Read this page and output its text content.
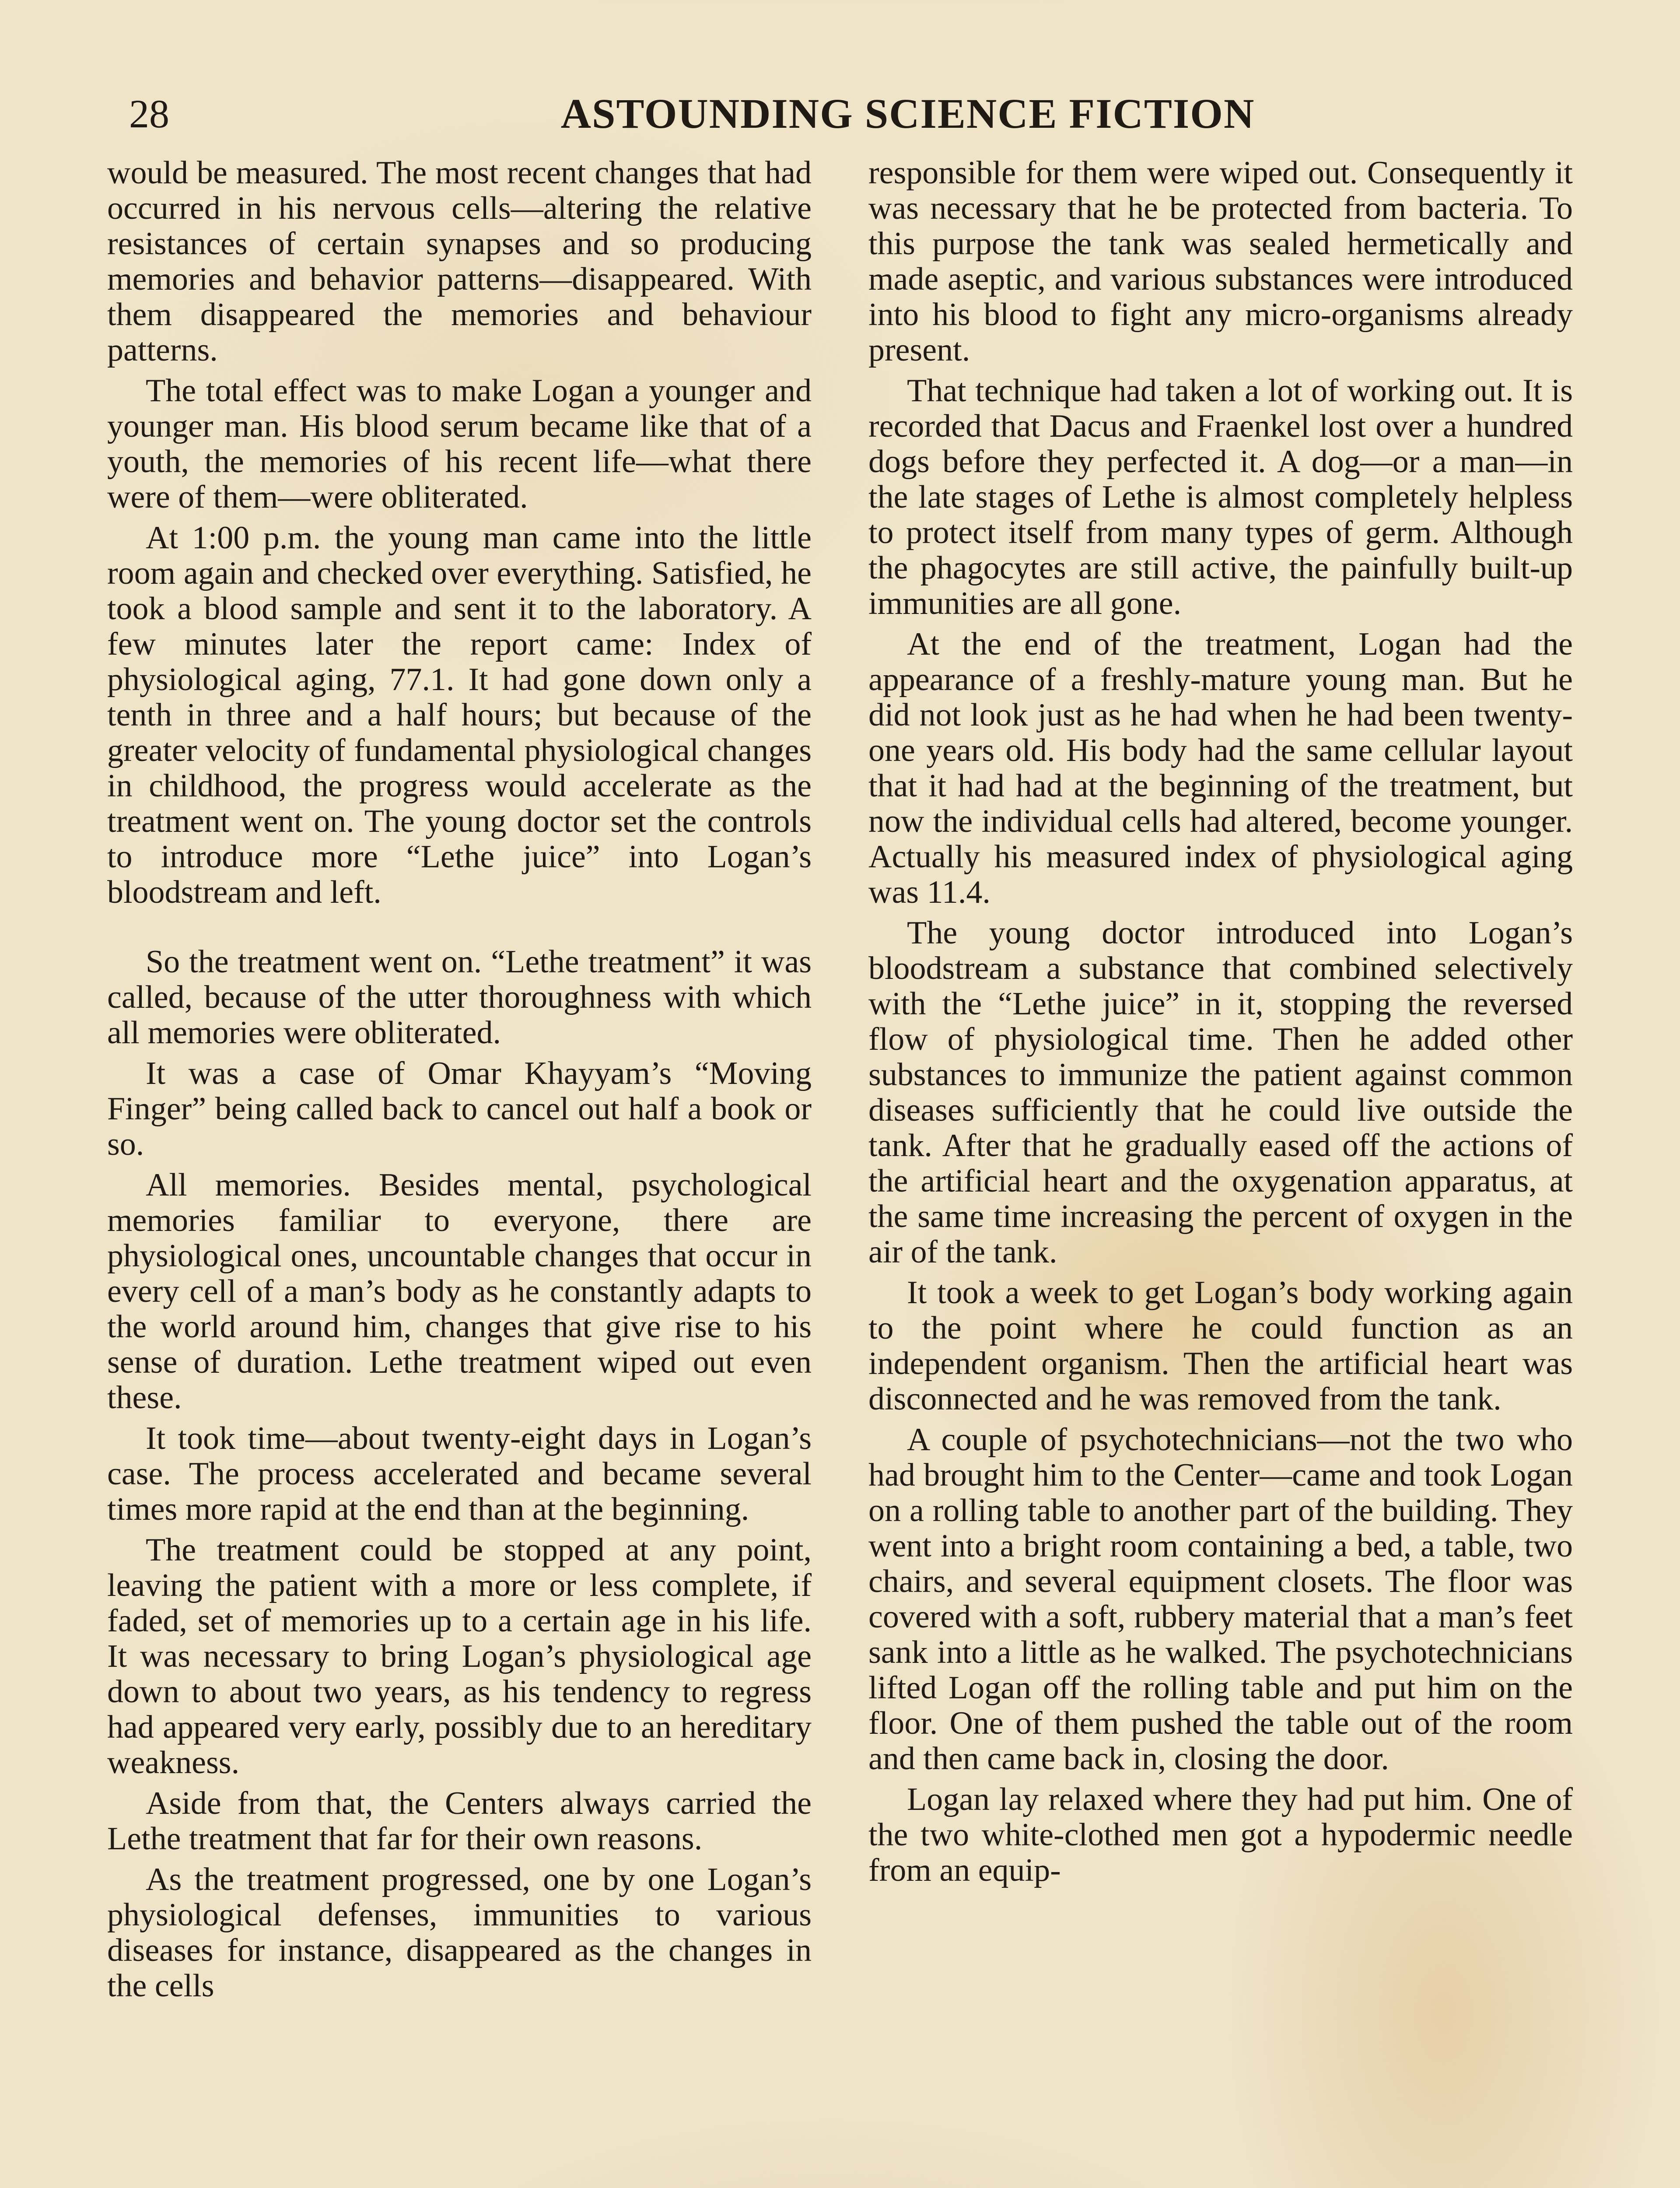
28	ASTOUNDING SCIENCE FICTION

would be measured. The most recent changes that had occurred in his nervous cells—altering the relative resistances of certain synapses and so producing memories and behavior patterns—disappeared. With them disappeared the memories and behaviour patterns.

The total effect was to make Logan a younger and younger man. His blood serum became like that of a youth, the memories of his recent life—what there were of them—were obliterated.

At 1:00 p.m. the young man came into the little room again and checked over everything. Satisfied, he took a blood sample and sent it to the laboratory. A few minutes later the report came: Index of physiological aging, 77.1. It had gone down only a tenth in three and a half hours; but because of the greater velocity of fundamental physiological changes in childhood, the progress would accelerate as the treatment went on. The young doctor set the controls to introduce more “Lethe juice” into Logan’s bloodstream and left.

So the treatment went on. “Lethe treatment” it was called, because of the utter thoroughness with which all memories were obliterated.

It was a case of Omar Khayyam’s “Moving Finger” being called back to cancel out half a book or so.

All memories. Besides mental, psychological memories familiar to everyone, there are physiological ones, uncountable changes that occur in every cell of a man’s body as he constantly adapts to the world around him, changes that give rise to his sense of duration. Lethe treatment wiped out even these.

It took time—about twenty-eight days in Logan’s case. The process accelerated and became several times more rapid at the end than at the beginning.

The treatment could be stopped at any point, leaving the patient with a more or less complete, if faded, set of memories up to a certain age in his life. It was necessary to bring Logan’s physiological age down to about two years, as his tendency to regress had appeared very early, possibly due to an hereditary weakness.

Aside from that, the Centers always carried the Lethe treatment that far for their own reasons.

As the treatment progressed, one by one Logan’s physiological defenses, immunities to various diseases for instance, disappeared as the changes in the cells

responsible for them were wiped out. Consequently it was necessary that he be protected from bacteria. To this purpose the tank was sealed hermetically and made aseptic, and various substances were introduced into his blood to fight any micro-organisms already present.

That technique had taken a lot of working out. It is recorded that Dacus and Fraenkel lost over a hundred dogs before they perfected it. A dog—or a man—in the late stages of Lethe is almost completely helpless to protect itself from many types of germ. Although the phagocytes are still active, the painfully built-up immunities are all gone.

At the end of the treatment, Logan had the appearance of a freshly-mature young man. But he did not look just as he had when he had been twenty-one years old. His body had the same cellular layout that it had had at the beginning of the treatment, but now the individual cells had altered, become younger. Actually his measured index of physiological aging was 11.4.

The young doctor introduced into Logan’s bloodstream a substance that combined selectively with the “Lethe juice” in it, stopping the reversed flow of physiological time. Then he added other substances to immunize the patient against common diseases sufficiently that he could live outside the tank. After that he gradually eased off the actions of the artificial heart and the oxygenation apparatus, at the same time increasing the percent of oxygen in the air of the tank.

It took a week to get Logan’s body working again to the point where he could function as an independent organism. Then the artificial heart was disconnected and he was removed from the tank.

A couple of psychotechnicians—not the two who had brought him to the Center—came and took Logan on a rolling table to another part of the building. They went into a bright room containing a bed, a table, two chairs, and several equipment closets. The floor was covered with a soft, rubbery material that a man’s feet sank into a little as he walked. The psychotechnicians lifted Logan off the rolling table and put him on the floor. One of them pushed the table out of the room and then came back in, closing the door.

Logan lay relaxed where they had put him. One of the two white-clothed men got a hypodermic needle from an equip-
